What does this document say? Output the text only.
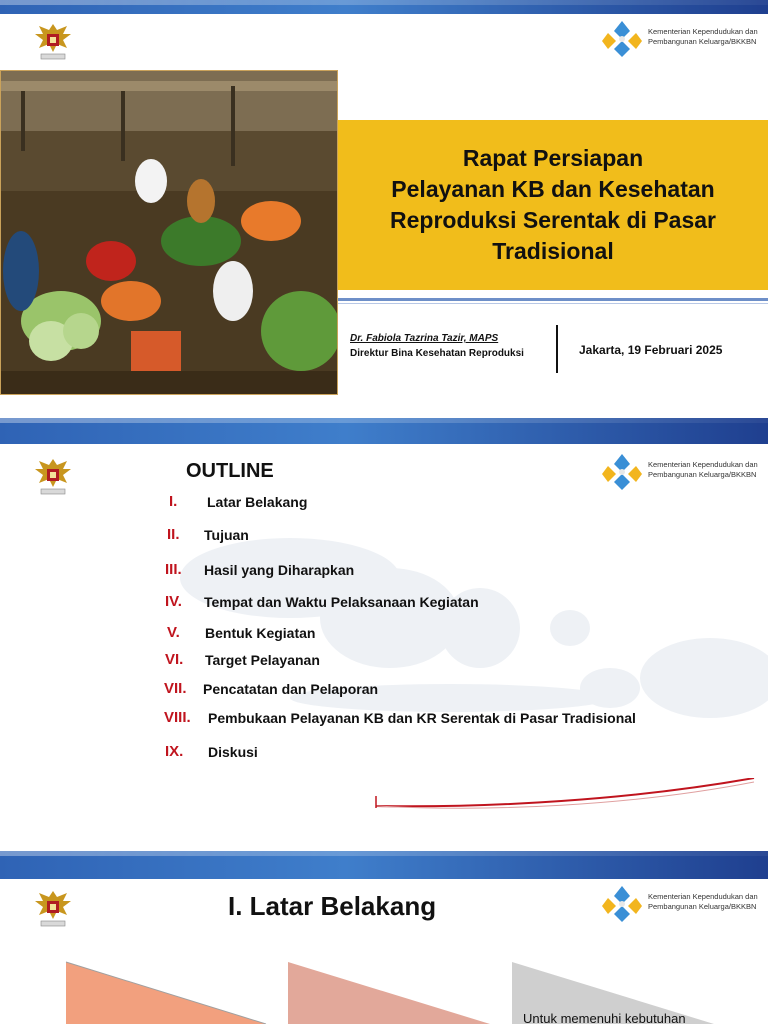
Kementerian Kependudukan dan
Pembangunan Keluarga/BKKBN
Rapat Persiapan
Pelayanan KB dan Kesehatan
Reproduksi Serentak di Pasar
Tradisional
Dr. Fabiola Tazrina Tazir, MAPS
Direktur Bina Kesehatan Reproduksi	Jakarta, 19 Februari 2025
Kementerian Kependudukan dan
Pembangunan Keluarga/BKKBN
OUTLINE
I. Latar Belakang
II. Tujuan
III. Hasil yang Diharapkan
IV. Tempat dan Waktu Pelaksanaan Kegiatan
V. Bentuk Kegiatan
VI. Target Pelayanan
VII. Pencatatan dan Pelaporan
VIII. Pembukaan Pelayanan KB dan KR Serentak di Pasar Tradisional
IX. Diskusi
Kementerian Kependudukan dan
Pembangunan Keluarga/BKKBN
I. Latar Belakang
Untuk memenuhi kebutuhan
